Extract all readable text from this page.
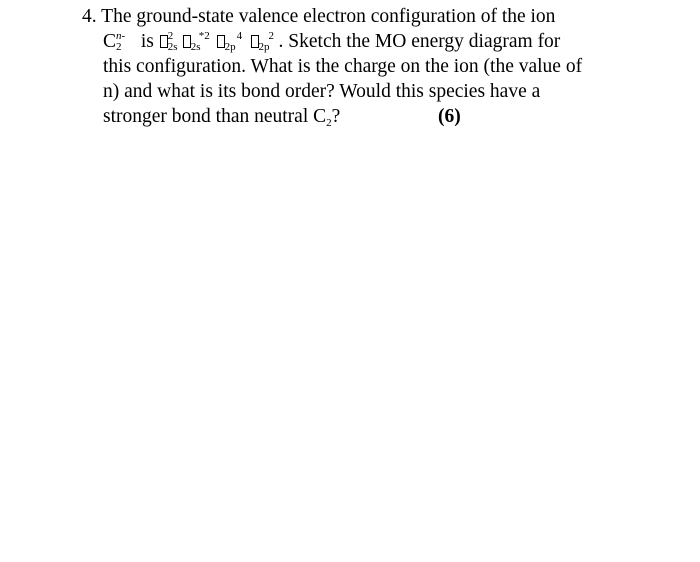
4. The ground-state valence electron configuration of the ion
C n-
2 is 2
2s
*2
2s

4
2p

2
2p . Sketch the MO energy diagram for
this configuration. What is the charge on the ion (the value of
n) and what is its bond order? Would this species have a
stronger bond than neutral $C_2$?	(6)
